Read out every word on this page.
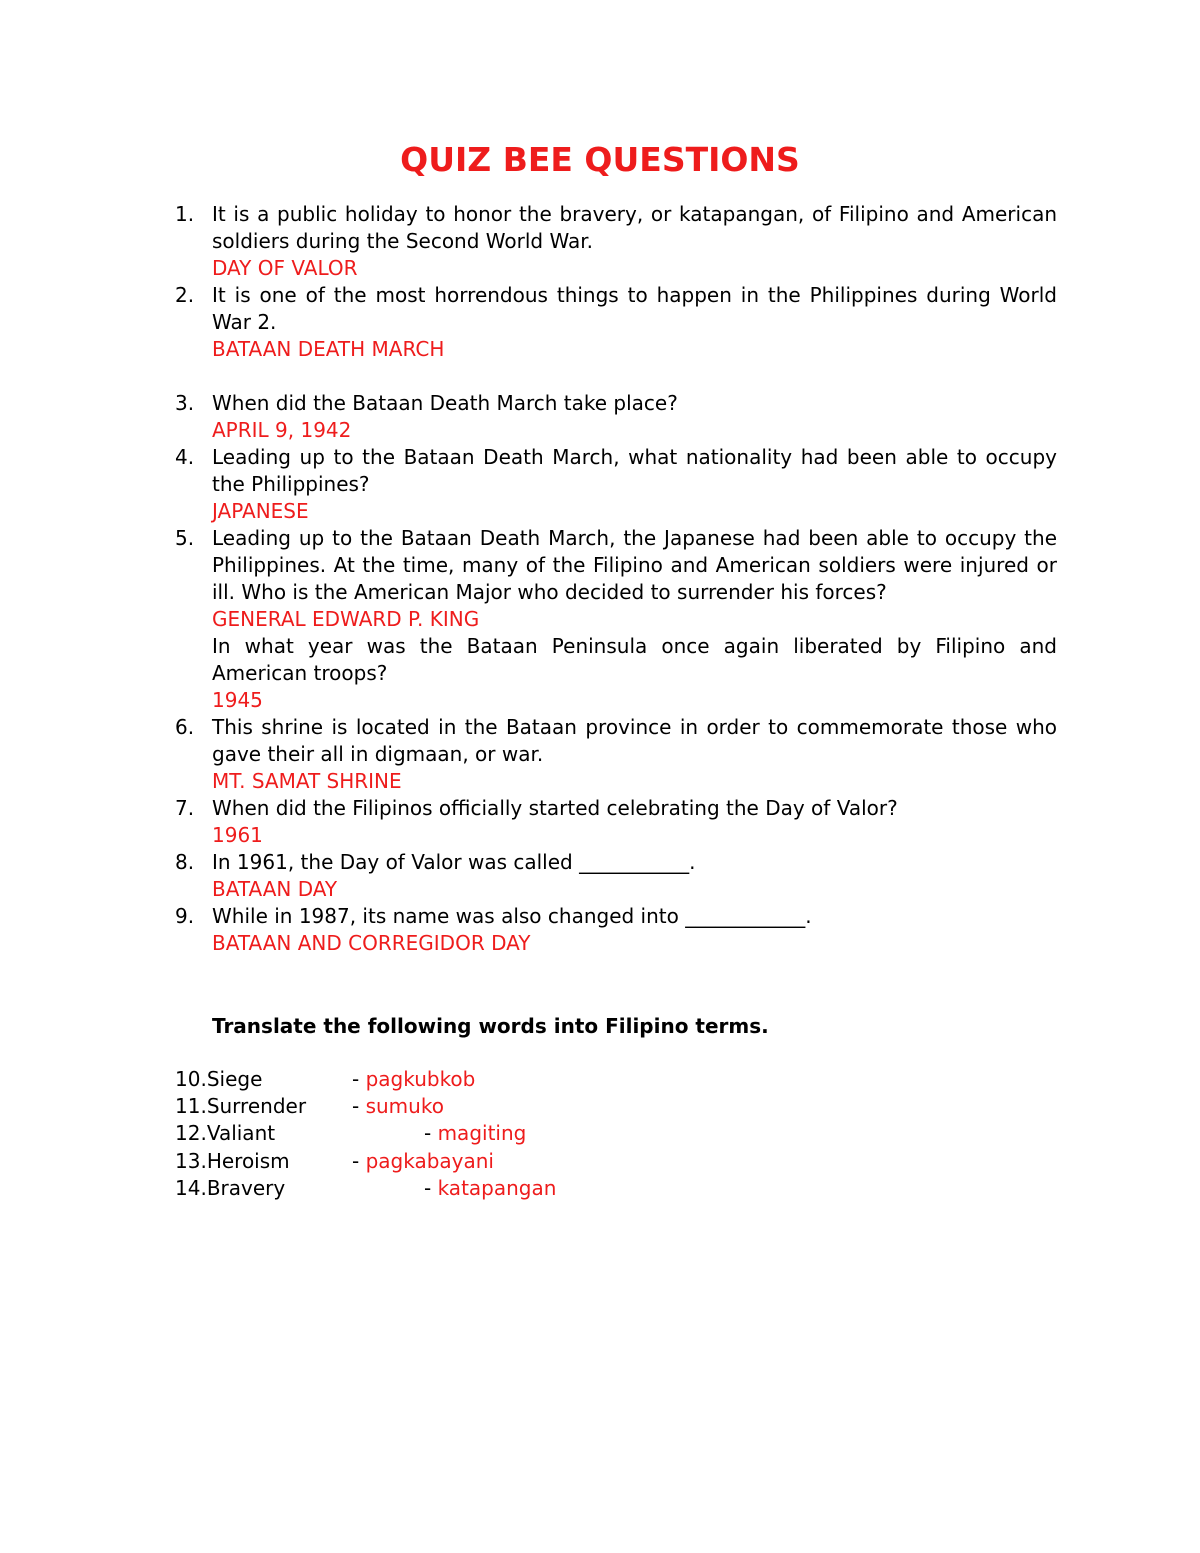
QUIZ BEE QUESTIONS
1. It is a public holiday to honor the bravery, or katapangan, of Filipino and American soldiers during the Second World War.
DAY OF VALOR
2. It is one of the most horrendous things to happen in the Philippines during World War 2.
BATAAN DEATH MARCH
3. When did the Bataan Death March take place?
APRIL 9, 1942
4. Leading up to the Bataan Death March, what nationality had been able to occupy the Philippines?
JAPANESE
5. Leading up to the Bataan Death March, the Japanese had been able to occupy the Philippines. At the time, many of the Filipino and American soldiers were injured or ill. Who is the American Major who decided to surrender his forces?
GENERAL EDWARD P. KING
In what year was the Bataan Peninsula once again liberated by Filipino and American troops?
1945
6. This shrine is located in the Bataan province in order to commemorate those who gave their all in digmaan, or war.
MT. SAMAT SHRINE
7. When did the Filipinos officially started celebrating the Day of Valor?
1961
8. In 1961, the Day of Valor was called ___________.
BATAAN DAY
9. While in 1987, its name was also changed into ____________.
BATAAN AND CORREGIDOR DAY
Translate the following words into Filipino terms.
10.Siege	- pagkubkob
11.Surrender - sumuko
12.Valiant	- magiting
13.Heroism	- pagkabayani
14.Bravery	- katapangan
